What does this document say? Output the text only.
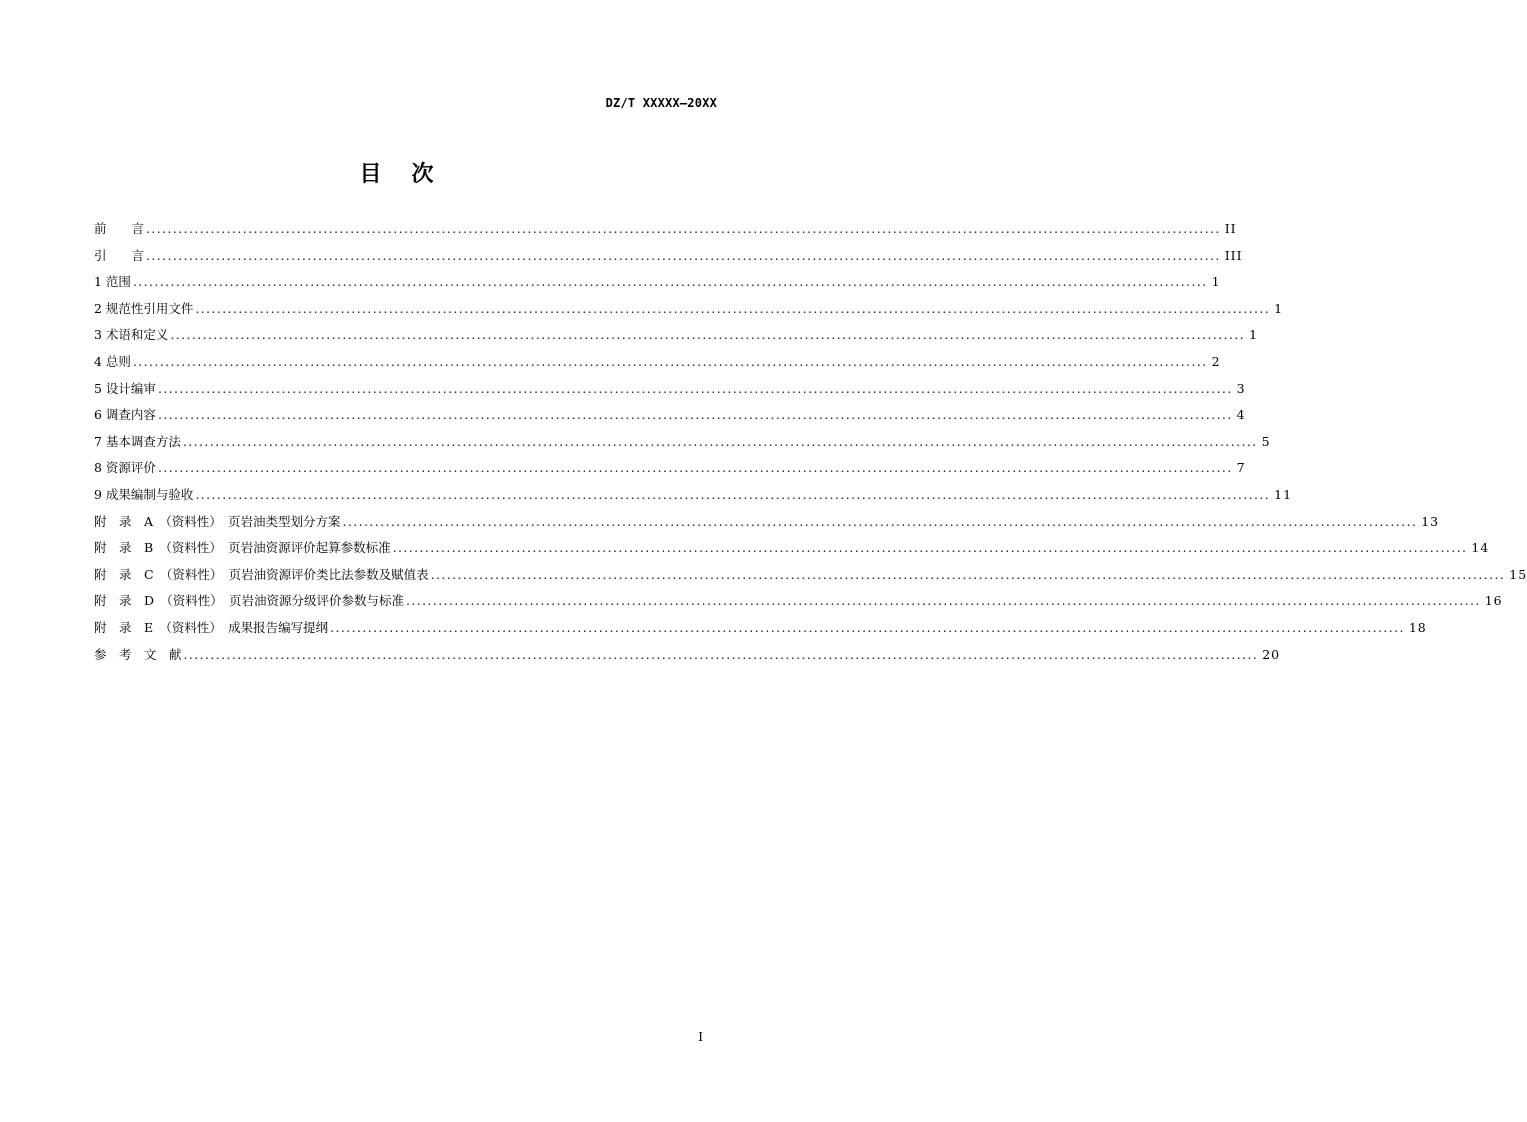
DZ/T XXXXX—20XX
目次
前　　言 ........................................................................................................................................................................................................ II
引　　言 ........................................................................................................................................................................................................ III
1 范围 ........................................................................................................................................................................................................ 1
2 规范性引用文件 ........................................................................................................................................................................................................ 1
3 术语和定义 ........................................................................................................................................................................................................ 1
4 总则 ........................................................................................................................................................................................................ 2
5 设计编审 ........................................................................................................................................................................................................ 3
6 调查内容 ........................................................................................................................................................................................................ 4
7 基本调查方法 ........................................................................................................................................................................................................ 5
8 资源评价 ........................................................................................................................................................................................................ 7
9 成果编制与验收 ........................................................................................................................................................................................................ 11
附　录　A　（资料性）　页岩油类型划分方案 ........................................................................................................................................................................................................ 13
附　录　B　（资料性）　页岩油资源评价起算参数标准 ........................................................................................................................................................................................................ 14
附　录　C　（资料性）　页岩油资源评价类比法参数及赋值表 ........................................................................................................................................................................................................ 15
附　录　D　（资料性）　页岩油资源分级评价参数与标准 ........................................................................................................................................................................................................ 16
附　录　E　（资料性）　成果报告编写提纲 ........................................................................................................................................................................................................ 18
参　考　文　献 ........................................................................................................................................................................................................ 20
I
